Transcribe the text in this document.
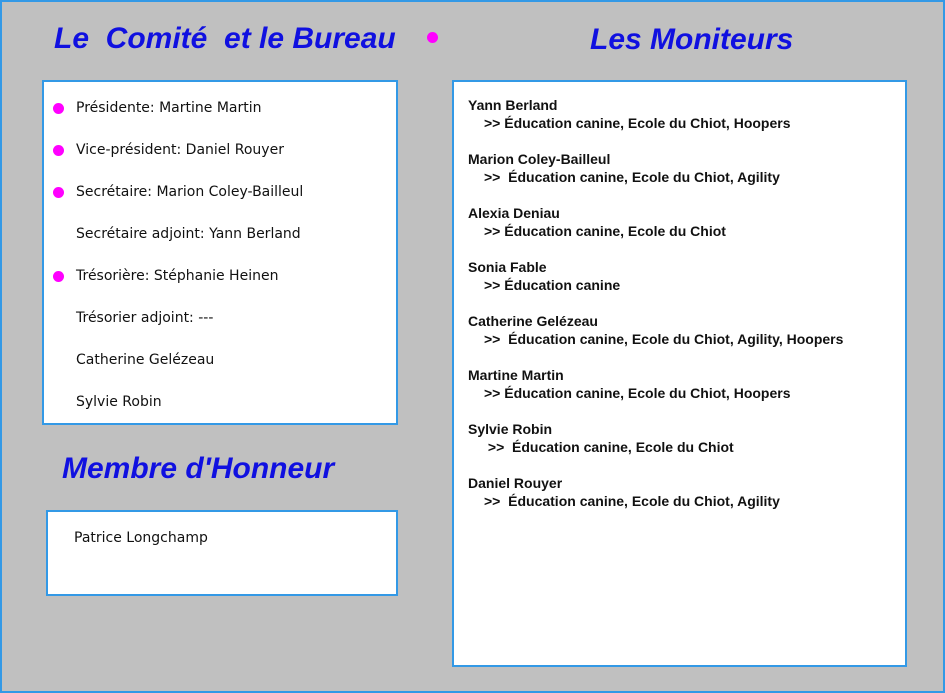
Le  Comité  et le Bureau	Les Moniteurs
Présidente: Martine Martin
Vice-président: Daniel Rouyer
Secrétaire: Marion Coley-Bailleul
Secrétaire adjoint: Yann Berland
Trésorière: Stéphanie Heinen
Trésorier adjoint: ---
Catherine Gelézeau
Sylvie Robin
Membre d'Honneur
Patrice Longchamp
Yann Berland
>> Éducation canine, Ecole du Chiot, Hoopers
Marion Coley-Bailleul
>>  Éducation canine, Ecole du Chiot, Agility
Alexia Deniau
>> Éducation canine, Ecole du Chiot
Sonia Fable
>> Éducation canine
Catherine Gelézeau
>>  Éducation canine, Ecole du Chiot, Agility, Hoopers
Martine Martin
>> Éducation canine, Ecole du Chiot, Hoopers
Sylvie Robin
>>  Éducation canine, Ecole du Chiot
Daniel Rouyer
>>  Éducation canine, Ecole du Chiot, Agility
